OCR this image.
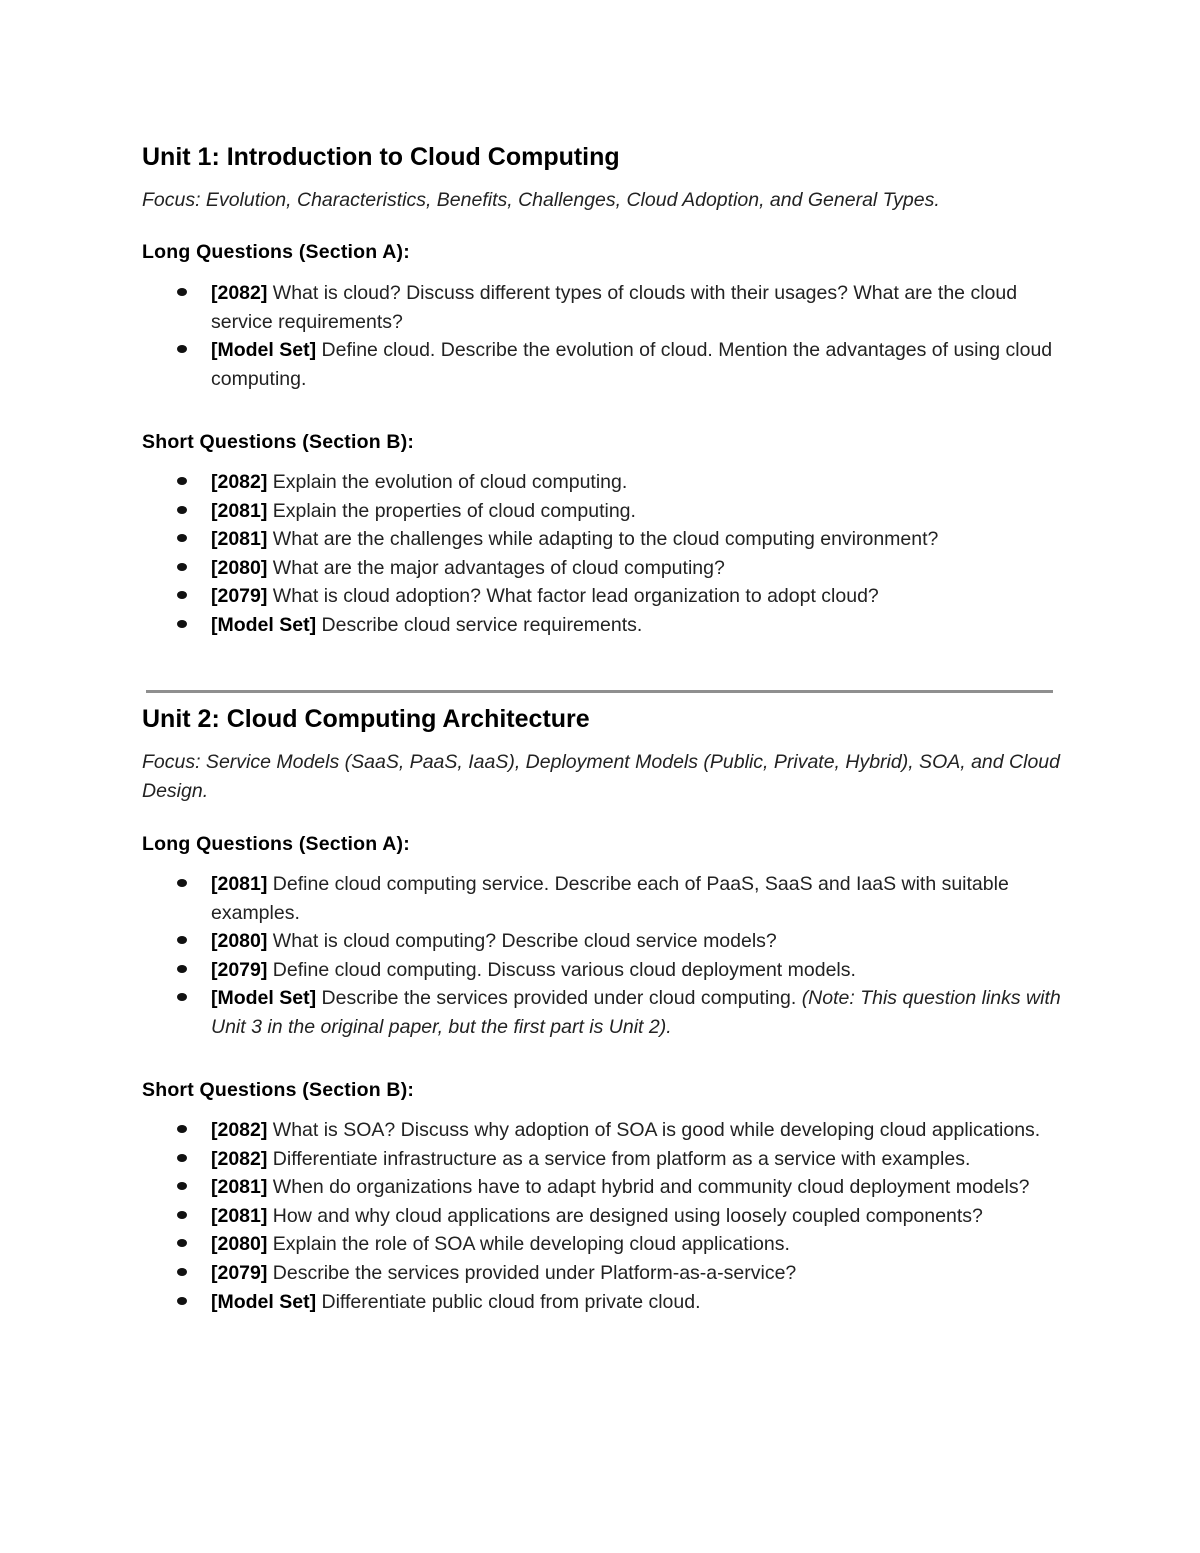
Unit 1: Introduction to Cloud Computing

Focus: Evolution, Characteristics, Benefits, Challenges, Cloud Adoption, and General Types.

Long Questions (Section A):
[2082] What is cloud? Discuss different types of clouds with their usages? What are the cloud service requirements?
[Model Set] Define cloud. Describe the evolution of cloud. Mention the advantages of using cloud computing.
Short Questions (Section B):
[2082] Explain the evolution of cloud computing.
[2081] Explain the properties of cloud computing.
[2081] What are the challenges while adapting to the cloud computing environment?
[2080] What are the major advantages of cloud computing?
[2079] What is cloud adoption? What factor lead organization to adopt cloud?
[Model Set] Describe cloud service requirements.
Unit 2: Cloud Computing Architecture

Focus: Service Models (SaaS, PaaS, IaaS), Deployment Models (Public, Private, Hybrid), SOA, and Cloud Design.

Long Questions (Section A):
[2081] Define cloud computing service. Describe each of PaaS, SaaS and IaaS with suitable examples.
[2080] What is cloud computing? Describe cloud service models?
[2079] Define cloud computing. Discuss various cloud deployment models.
[Model Set] Describe the services provided under cloud computing. (Note: This question links with Unit 3 in the original paper, but the first part is Unit 2).
Short Questions (Section B):
[2082] What is SOA? Discuss why adoption of SOA is good while developing cloud applications.
[2082] Differentiate infrastructure as a service from platform as a service with examples.
[2081] When do organizations have to adapt hybrid and community cloud deployment models?
[2081] How and why cloud applications are designed using loosely coupled components?
[2080] Explain the role of SOA while developing cloud applications.
[2079] Describe the services provided under Platform-as-a-service?
[Model Set] Differentiate public cloud from private cloud.
